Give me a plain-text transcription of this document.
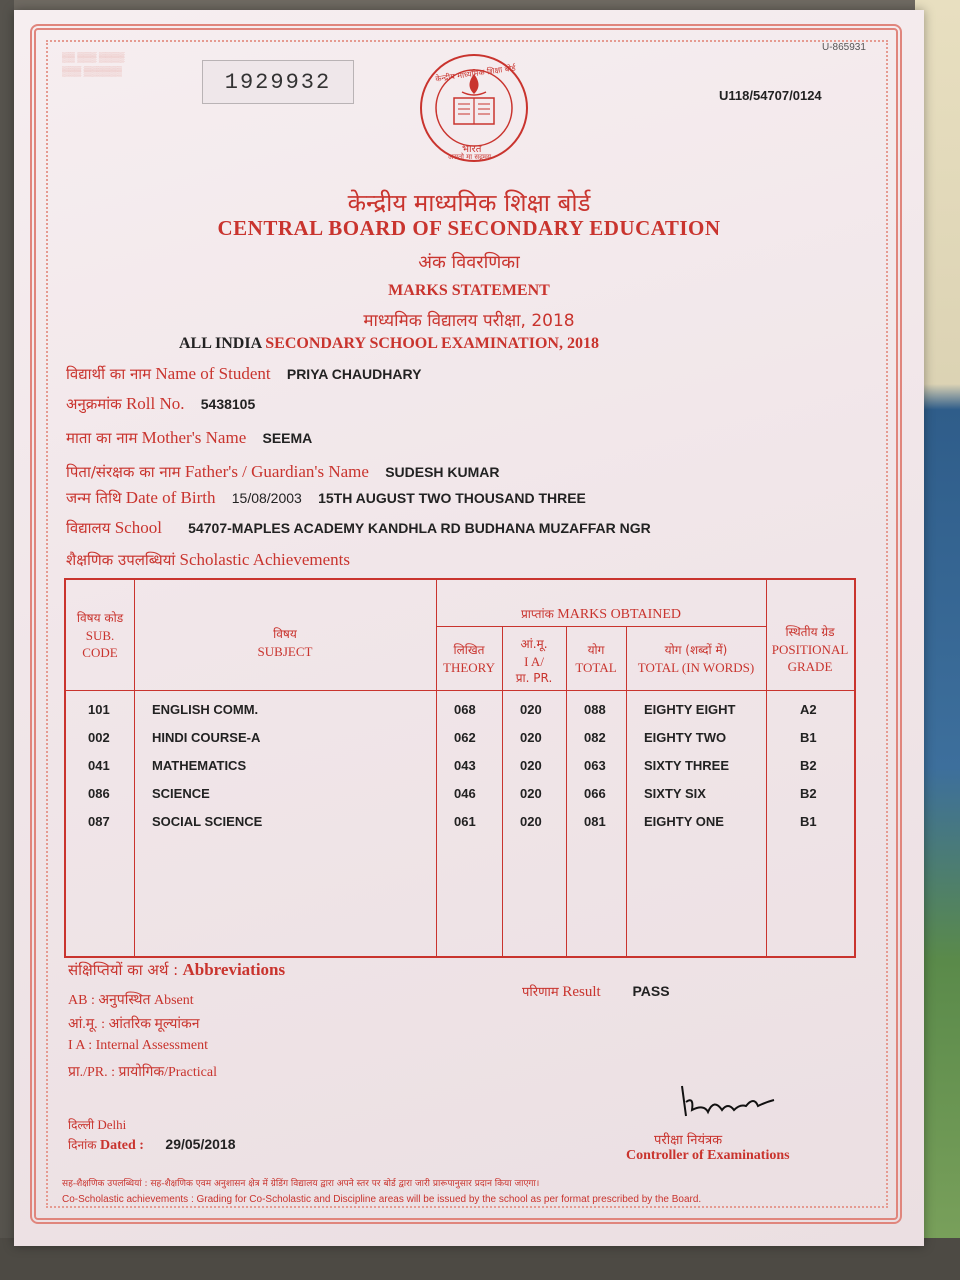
▒▒ ▒▒▒ ▒▒▒▒
▒▒▒ ▒▒▒▒▒▒	1929932
U-865931
U118/54707/0124
केन्द्रीय माध्यमिक शिक्षा बोर्ड
भारत
असतो मा सद्गमय
केन्द्रीय माध्यमिक शिक्षा बोर्ड
CENTRAL BOARD OF SECONDARY EDUCATION
अंक विवरणिका
MARKS STATEMENT
माध्यमिक विद्यालय परीक्षा, 2018
ALL INDIA SECONDARY SCHOOL EXAMINATION, 2018
विद्यार्थी का नाम Name of Student PRIYA CHAUDHARY
अनुक्रमांक Roll No. 5438105
माता का नाम Mother's Name SEEMA
पिता/संरक्षक का नाम Father's / Guardian's Name SUDESH KUMAR
जन्म तिथि Date of Birth 15/08/2003 15TH AUGUST TWO THOUSAND THREE
विद्यालय School 54707-MAPLES ACADEMY KANDHLA RD BUDHANA MUZAFFAR NGR
शैक्षणिक उपलब्धियां Scholastic Achievements
विषय कोड
SUB.
CODE
विषय
SUBJECT
प्राप्तांक MARKS OBTAINED
लिखित
THEORY
आं.मू.
I A/
प्रा. PR.
योग
TOTAL
योग (शब्दों में)
TOTAL (IN WORDS)
स्थितीय ग्रेड
POSITIONAL
GRADE
101	ENGLISH COMM.	068	020	088	EIGHTY EIGHT	A2
002	HINDI COURSE-A	062	020	082	EIGHTY TWO	B1
041	MATHEMATICS	043	020	063	SIXTY THREE	B2
086	SCIENCE	046	020	066	SIXTY SIX	B2
087	SOCIAL SCIENCE	061	020	081	EIGHTY ONE	B1
संक्षिप्तियों का अर्थ : Abbreviations
AB : अनुपस्थित Absent
आं.मू. : आंतरिक मूल्यांकन
I A : Internal Assessment
प्रा./PR. : प्रायोगिक/Practical
परिणाम Result PASS
दिल्ली Delhi
दिनांक Dated : 29/05/2018	परीक्षा नियंत्रक
Controller of Examinations
सह-शैक्षणिक उपलब्धियां : सह-शैक्षणिक एवम अनुशासन क्षेत्र में ग्रेडिंग विद्यालय द्वारा अपने स्तर पर बोर्ड द्वारा जारी प्रारूपानुसार प्रदान किया जाएगा।
Co-Scholastic achievements : Grading for Co-Scholastic and Discipline areas will be issued by the school as per format prescribed by the Board.
